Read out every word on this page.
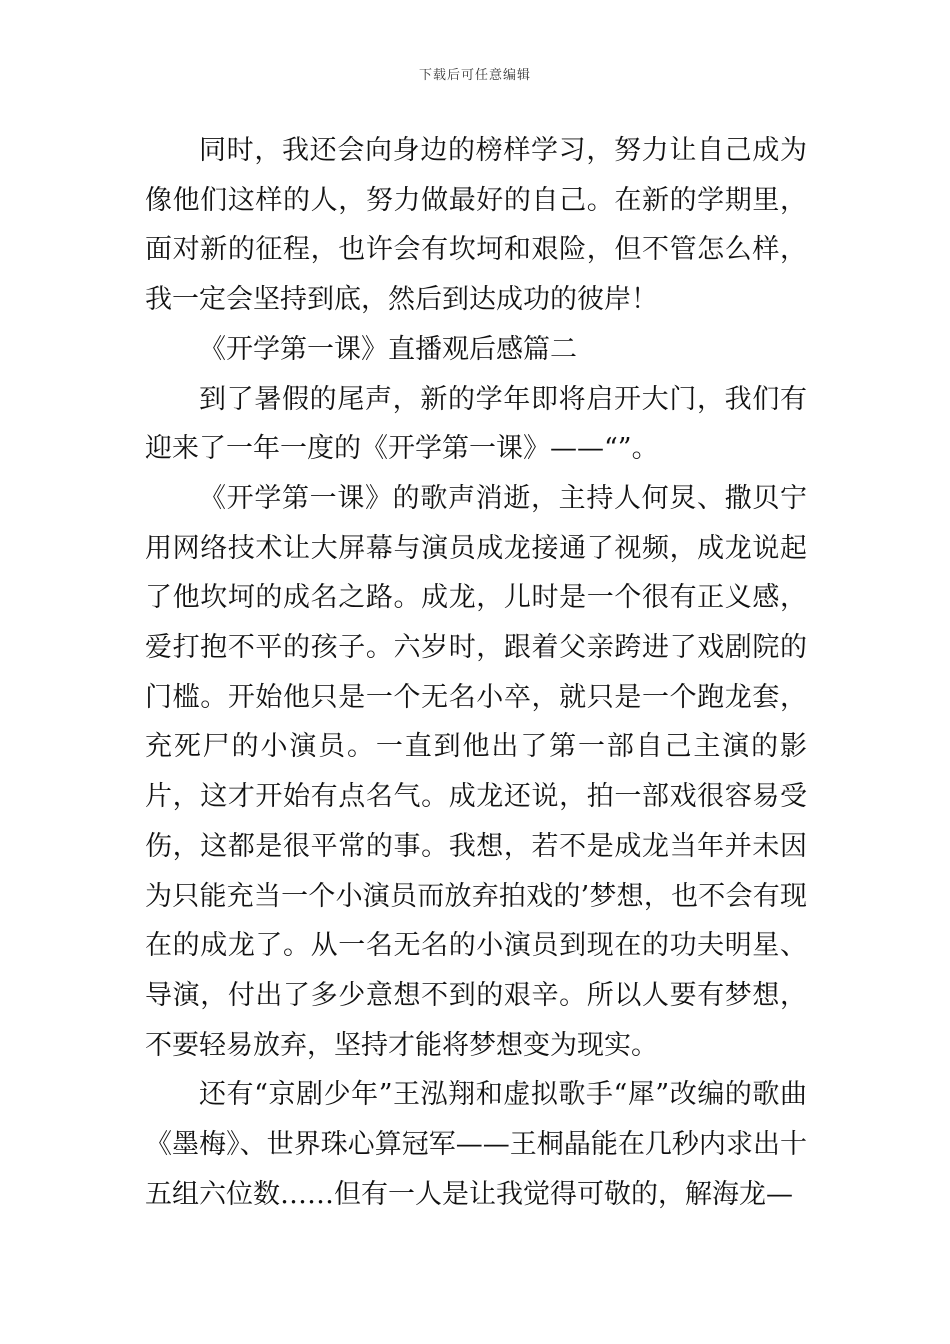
下载后可任意编辑

同时，我还会向身边的榜样学习，努力让自己成为像他们这样的人，努力做最好的自己。在新的学期里，面对新的征程，也许会有坎坷和艰险，但不管怎么样，我一定会坚持到底，然后到达成功的彼岸！

《开学第一课》直播观后感篇二

到了暑假的尾声，新的学年即将启开大门，我们有迎来了一年一度的《开学第一课》——“”。

《开学第一课》的歌声消逝，主持人何炅、撒贝宁用网络技术让大屏幕与演员成龙接通了视频，成龙说起了他坎坷的成名之路。成龙，儿时是一个很有正义感，爱打抱不平的孩子。六岁时，跟着父亲跨进了戏剧院的门槛。开始他只是一个无名小卒，就只是一个跑龙套，充死尸的小演员。一直到他出了第一部自己主演的影片，这才开始有点名气。成龙还说，拍一部戏很容易受伤，这都是很平常的事。我想，若不是成龙当年并未因为只能充当一个小演员而放弃拍戏的’梦想，也不会有现在的成龙了。从一名无名的小演员到现在的功夫明星、导演，付出了多少意想不到的艰辛。所以人要有梦想，不要轻易放弃，坚持才能将梦想变为现实。

还有“京剧少年”王泓翔和虚拟歌手“犀”改编的歌曲《墨梅》、世界珠心算冠军——王桐晶能在几秒内求出十五组六位数……但有一人是让我觉得可敬的，解海龙—
